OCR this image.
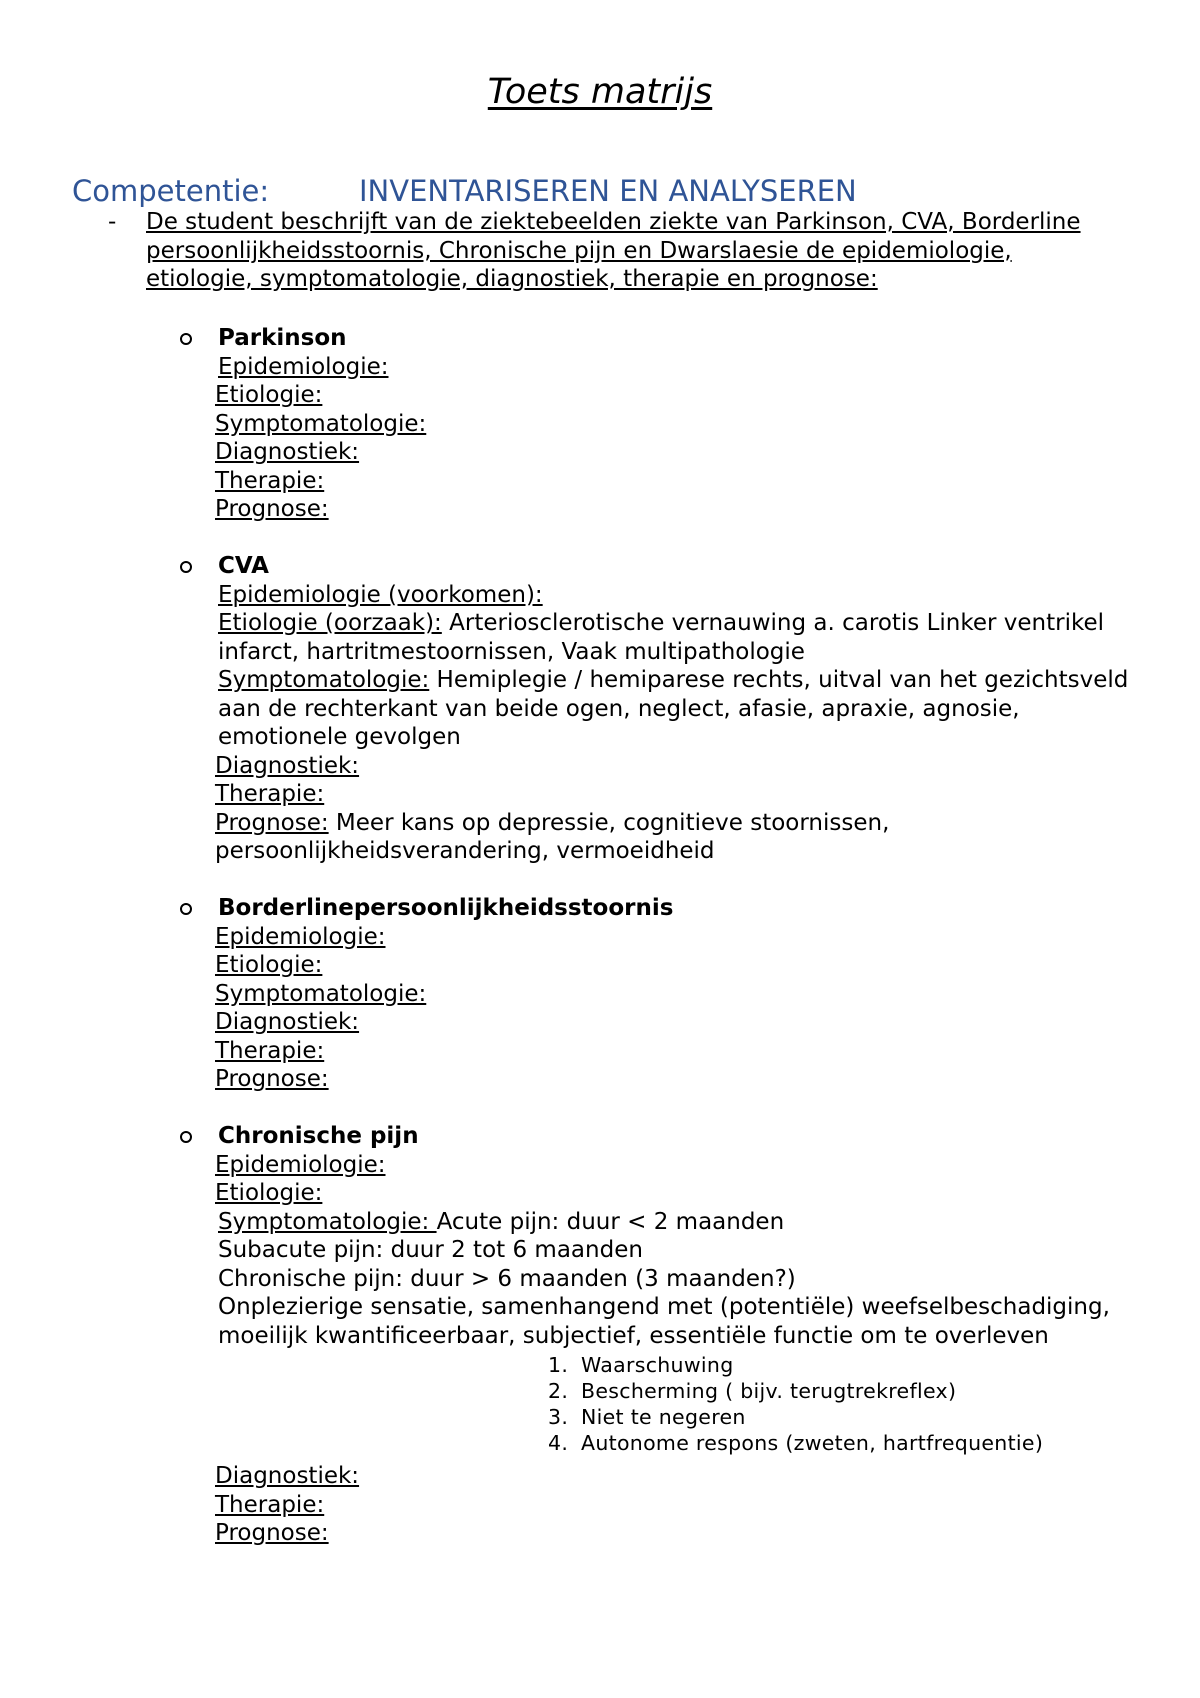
Toets matrijs
Competentie:	INVENTARISEREN EN ANALYSEREN
- De student beschrijft van de ziektebeelden ziekte van Parkinson, CVA, Borderline persoonlijkheidsstoornis, Chronische pijn en Dwarslaesie de epidemiologie, etiologie, symptomatologie, diagnostiek, therapie en prognose:
Parkinson
Epidemiologie:
Etiologie:
Symptomatologie:
Diagnostiek:
Therapie:
Prognose:
CVA
Epidemiologie (voorkomen):
Etiologie (oorzaak): Arteriosclerotische vernauwing a. carotis Linker ventrikel infarct, hartritmestoornissen, Vaak multipathologie
Symptomatologie: Hemiplegie / hemiparese rechts, uitval van het gezichtsveld aan de rechterkant van beide ogen, neglect, afasie, apraxie, agnosie, emotionele gevolgen
Diagnostiek:
Therapie:
Prognose: Meer kans op depressie, cognitieve stoornissen, persoonlijkheidsverandering, vermoeidheid
Borderlinepersoonlijkheidsstoornis
Epidemiologie:
Etiologie:
Symptomatologie:
Diagnostiek:
Therapie:
Prognose:
Chronische pijn
Epidemiologie:
Etiologie:
Symptomatologie: Acute pijn: duur < 2 maanden
Subacute pijn: duur 2 tot 6 maanden
Chronische pijn: duur > 6 maanden (3 maanden?)
Onplezierige sensatie, samenhangend met (potentiële) weefselbeschadiging, moeilijk kwantificeerbaar, subjectief, essentiële functie om te overleven
1. Waarschuwing
2. Bescherming ( bijv. terugtrekreflex)
3. Niet te negeren
4. Autonome respons (zweten, hartfrequentie)
Diagnostiek:
Therapie:
Prognose:
